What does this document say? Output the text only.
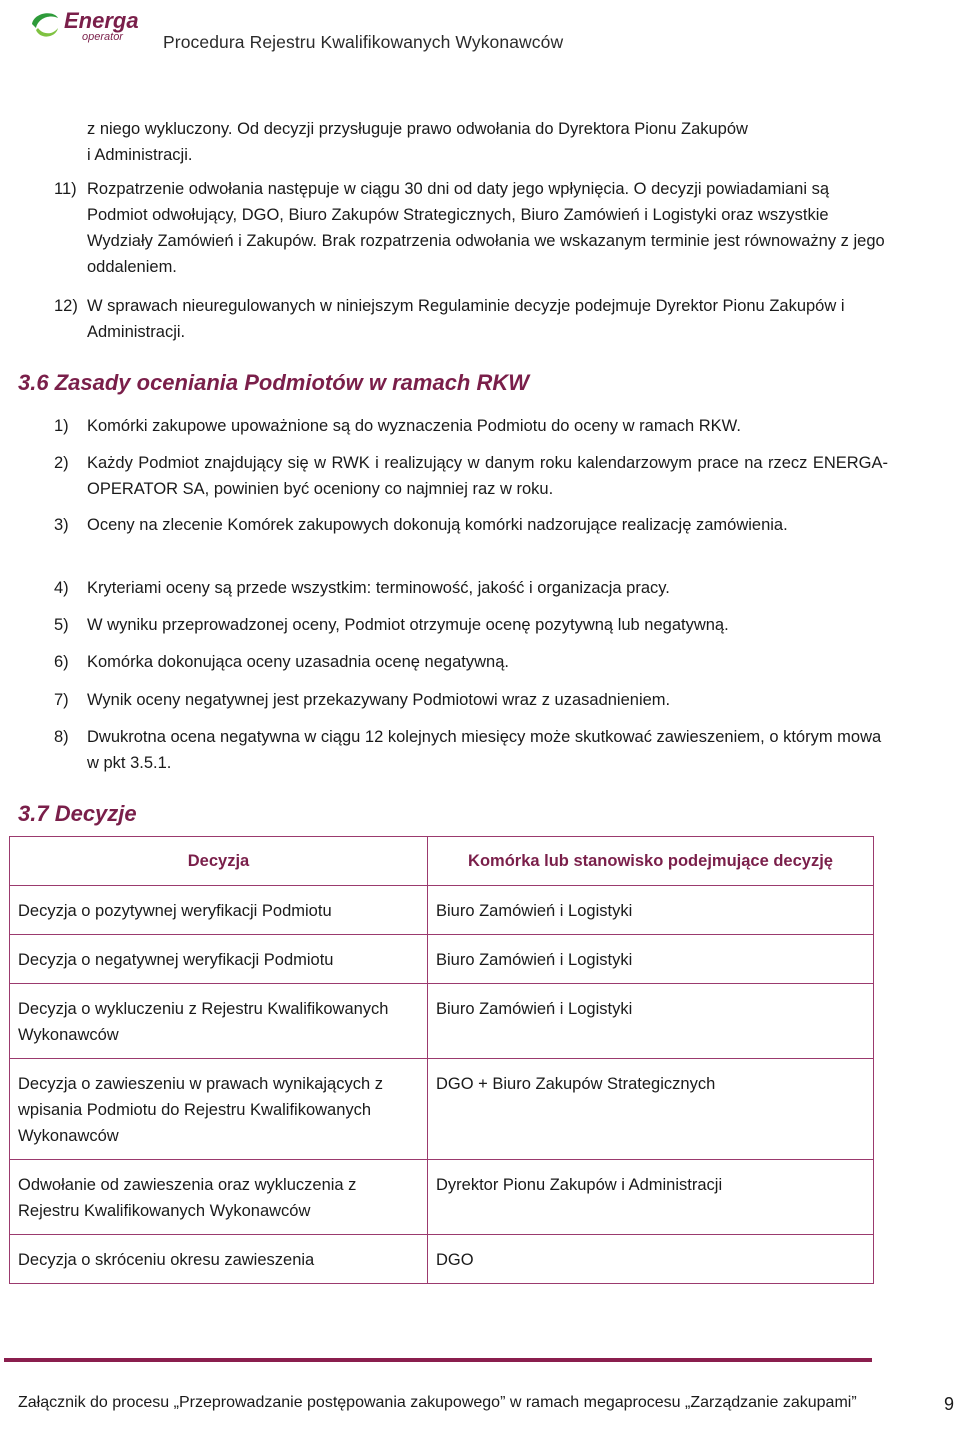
Energa
operator Procedura Rejestru Kwalifikowanych Wykonawców

z niego wykluczony. Od decyzji przysługuje prawo odwołania do Dyrektora Pionu Zakupów

i Administracji.

11) Rozpatrzenie odwołania następuje w ciągu 30 dni od daty jego wpłynięcia. O decyzji powiadamiani są Podmiot odwołujący, DGO, Biuro Zakupów Strategicznych, Biuro Zamówień i Logistyki oraz wszystkie Wydziały Zamówień i Zakupów. Brak rozpatrzenia odwołania we wskazanym terminie jest równoważny z jego oddaleniem.
12) W sprawach nieuregulowanych w niniejszym Regulaminie decyzje podejmuje Dyrektor Pionu Zakupów i Administracji.
3.6 Zasady oceniania Podmiotów w ramach RKW
1) Komórki zakupowe upoważnione są do wyznaczenia Podmiotu do oceny w ramach RKW.
2) Każdy Podmiot znajdujący się w RWK i realizujący w danym roku kalendarzowym prace na rzecz ENERGA-OPERATOR SA, powinien być oceniony co najmniej raz w roku.
3) Oceny na zlecenie Komórek zakupowych dokonują komórki nadzorujące realizację zamówienia.
4) Kryteriami oceny są przede wszystkim: terminowość, jakość i organizacja pracy.
5) W wyniku przeprowadzonej oceny, Podmiot otrzymuje ocenę pozytywną lub negatywną.
6) Komórka dokonująca oceny uzasadnia ocenę negatywną.
7) Wynik oceny negatywnej jest przekazywany Podmiotowi wraz z uzasadnieniem.
8) Dwukrotna ocena negatywna w ciągu 12 kolejnych miesięcy może skutkować zawieszeniem, o którym mowa w pkt 3.5.1.
3.7 Decyzje
Decyzja	Komórka lub stanowisko podejmujące decyzję
Decyzja o pozytywnej weryfikacji Podmiotu	Biuro Zamówień i Logistyki
Decyzja o negatywnej weryfikacji Podmiotu	Biuro Zamówień i Logistyki
Decyzja o wykluczeniu z Rejestru Kwalifikowanych Wykonawców	Biuro Zamówień i Logistyki
Decyzja o zawieszeniu w prawach wynikających z wpisania Podmiotu do Rejestru Kwalifikowanych Wykonawców	DGO + Biuro Zakupów Strategicznych
Odwołanie od zawieszenia oraz wykluczenia z Rejestru Kwalifikowanych Wykonawców	Dyrektor Pionu Zakupów i Administracji
Decyzja o skróceniu okresu zawieszenia	DGO
Załącznik do procesu „Przeprowadzanie postępowania zakupowego” w ramach megaprocesu „Zarządzanie zakupami”	9
